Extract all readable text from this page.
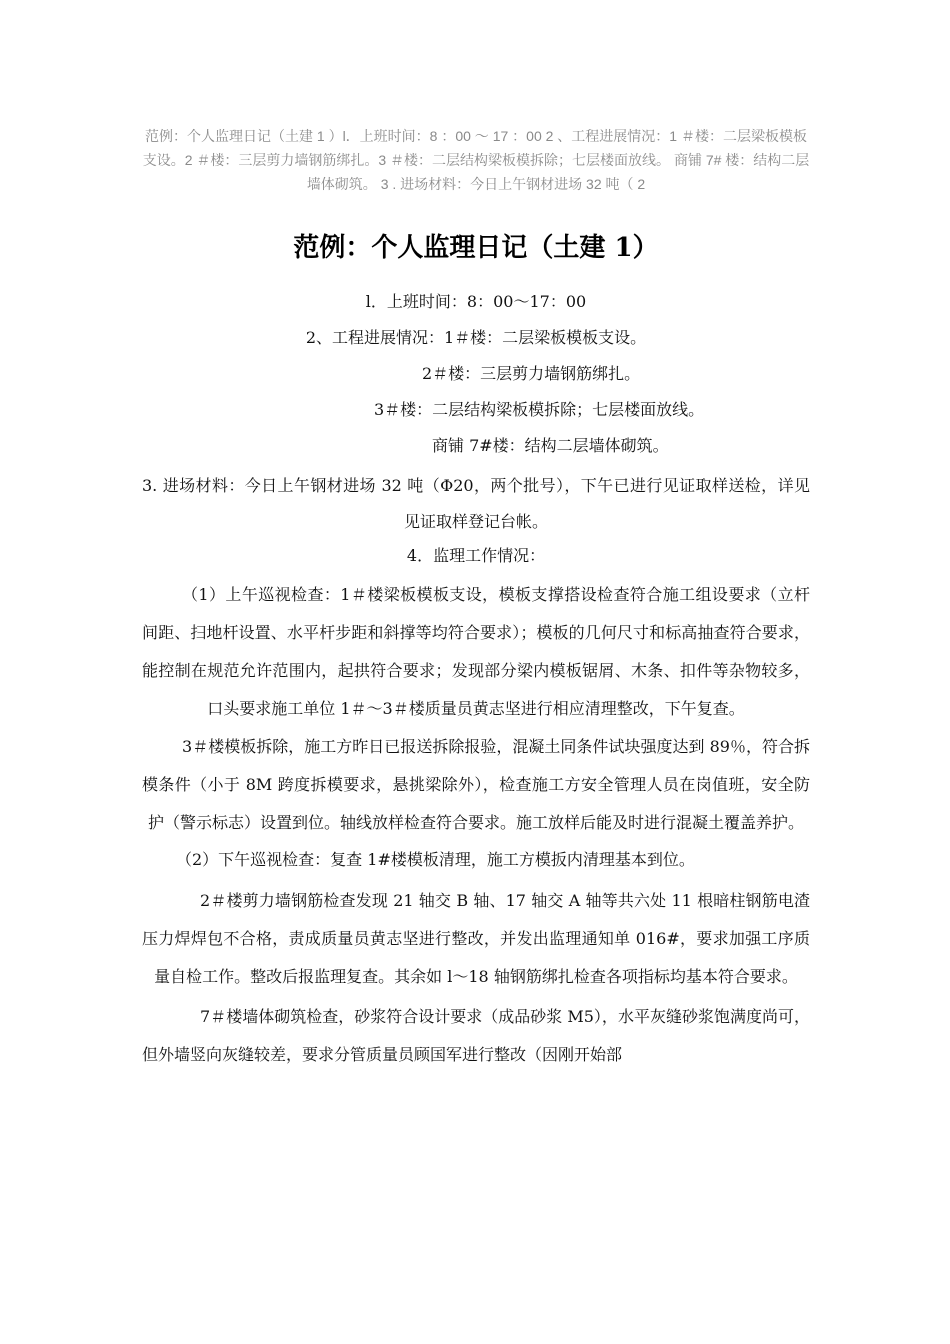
范例：个人监理日记（土建 1 ）l．上班时间：8 ：00 ～ 17 ：00 2 、工程进展情况：1 ＃楼：二层梁板模板支设。2 ＃楼：三层剪力墙钢筋绑扎。3 ＃楼：二层结构梁板模拆除；七层楼面放线。 商铺 7# 楼：结构二层墙体砌筑。 3 . 进场材料：今日上午钢材进场 32 吨（ 2
范例：个人监理日记（土建 1）
l．上班时间：8：00～17：00
2、工程进展情况：1＃楼：二层梁板模板支设。
2＃楼：三层剪力墙钢筋绑扎。
3＃楼：二层结构梁板模拆除；七层楼面放线。
商铺 7#楼：结构二层墙体砌筑。
3. 进场材料：今日上午钢材进场 32 吨（Φ20，两个批号），下午已进行见证取样送检，详见见证取样登记台帐。
4．监理工作情况：
（1）上午巡视检查：1＃楼梁板模板支设，模板支撑搭设检查符合施工组设要求（立杆间距、扫地杆设置、水平杆步距和斜撑等均符合要求）；模板的几何尺寸和标高抽查符合要求，能控制在规范允许范围内，起拱符合要求；发现部分梁内模板锯屑、木条、扣件等杂物较多，口头要求施工单位 1＃～3＃楼质量员黄志坚进行相应清理整改，下午复查。
3＃楼模板拆除，施工方昨日已报送拆除报验，混凝土同条件试块强度达到 89％，符合拆模条件（小于 8M 跨度拆模要求，悬挑梁除外），检查施工方安全管理人员在岗值班，安全防护（警示标志）设置到位。轴线放样检查符合要求。施工放样后能及时进行混凝土覆盖养护。
（2）下午巡视检查：复查 1#楼模板清理，施工方模扳内清理基本到位。
2＃楼剪力墙钢筋检查发现 21 轴交 B 轴、17 轴交 A 轴等共六处 11 根暗柱钢筋电渣压力焊焊包不合格，责成质量员黄志坚进行整改，并发出监理通知单 016#，要求加强工序质量自检工作。整改后报监理复查。其余如 l～18 轴钢筋绑扎检查各项指标均基本符合要求。
7＃楼墙体砌筑检查，砂浆符合设计要求（成品砂浆 M5），水平灰缝砂浆饱满度尚可，但外墙竖向灰缝较差，要求分管质量员顾国军进行整改（因刚开始部
